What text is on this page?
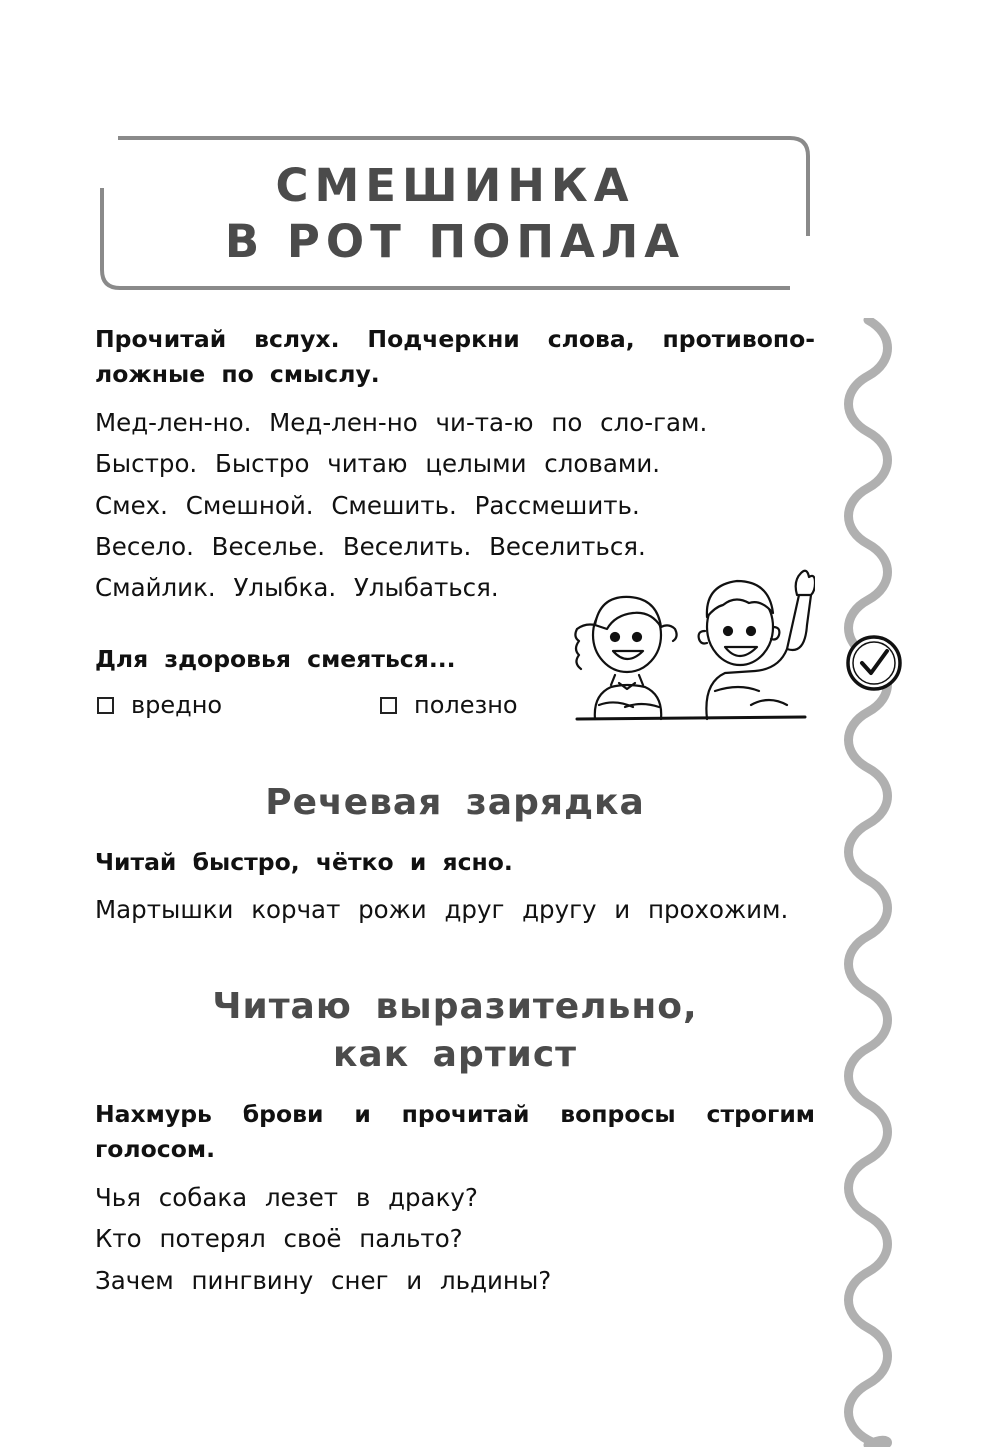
СМЕШИНКА
В РОТ ПОПАЛА

Прочитай вслух. Подчеркни слова, противопо-ложные по смыслу.

Мед-лен-но. Мед-лен-но чи-та-ю по сло-гам.
Быстро. Быстро читаю целыми словами.
Смех. Смешной. Смешить. Рассмешить.
Весело. Веселье. Веселить. Веселиться.
Смайлик. Улыбка. Улыбаться.

Для здоровья смеяться...

вредно	полезно
Речевая зарядка

Читай быстро, чётко и ясно.

Мартышки корчат рожи друг другу и прохожим.
Читаю выразительно,
как артист

Нахмурь брови и прочитай вопросы строгим голосом.

Чья собака лезет в драку?
Кто потерял своё пальто?
Зачем пингвину снег и льдины?
